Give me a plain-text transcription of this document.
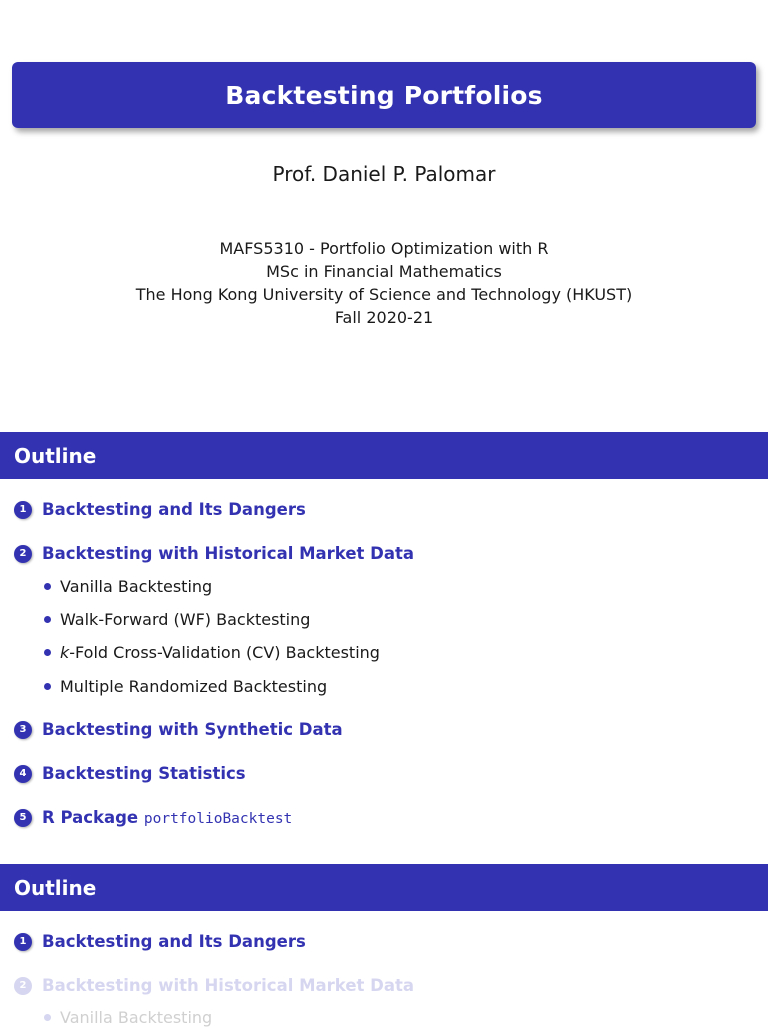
Backtesting Portfolios
Prof. Daniel P. Palomar
MAFS5310 - Portfolio Optimization with R
MSc in Financial Mathematics
The Hong Kong University of Science and Technology (HKUST)
Fall 2020-21
Outline
1 Backtesting and Its Dangers
2 Backtesting with Historical Market Data
Vanilla Backtesting
Walk-Forward (WF) Backtesting
k-Fold Cross-Validation (CV) Backtesting
Multiple Randomized Backtesting
3 Backtesting with Synthetic Data
4 Backtesting Statistics
5 R Package portfolioBacktest
Outline
1 Backtesting and Its Dangers
2 Backtesting with Historical Market Data
Vanilla Backtesting
